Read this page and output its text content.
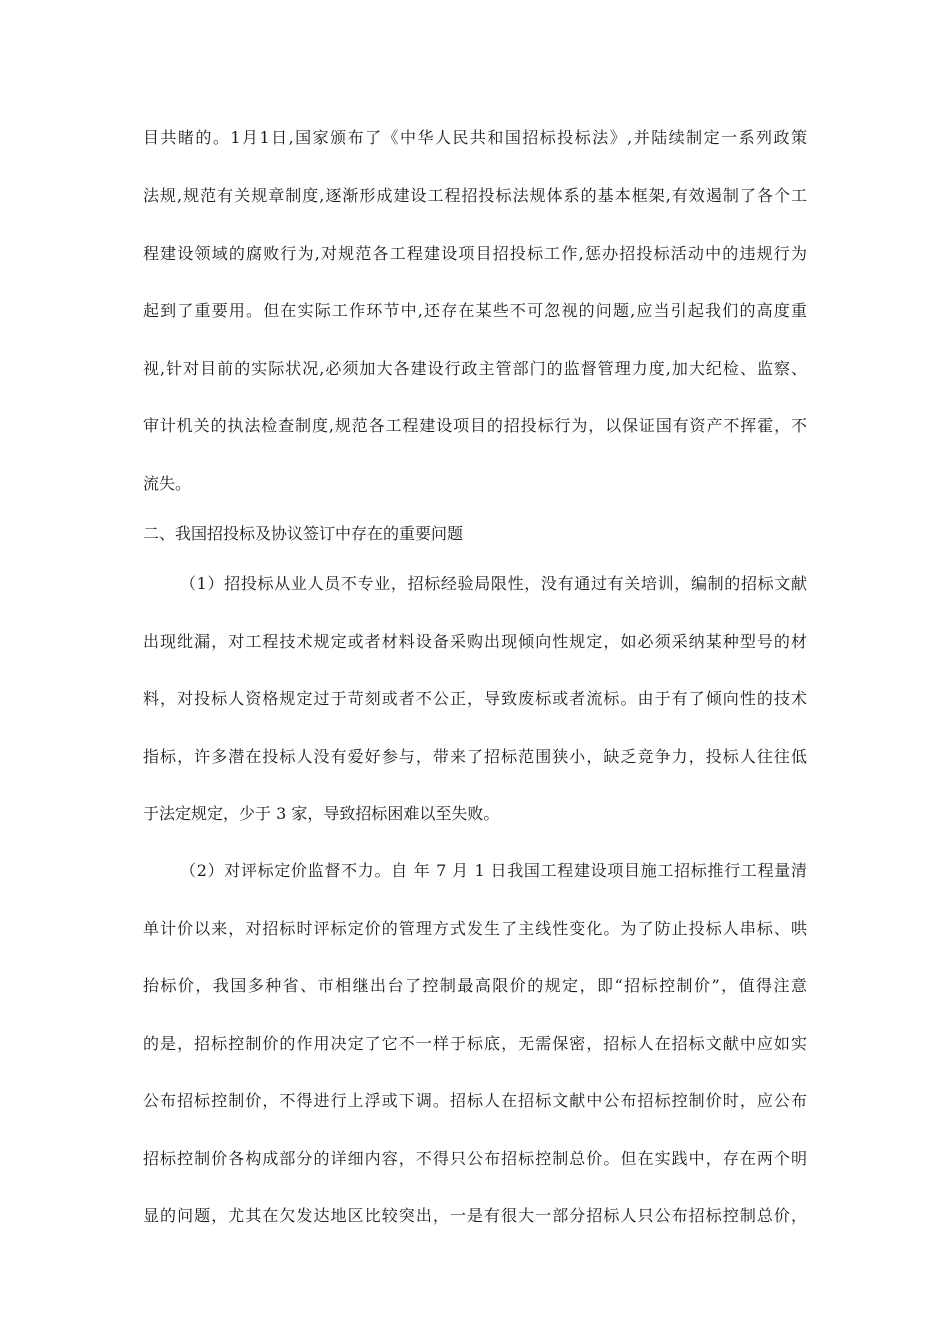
目共睹的。1月1日,国家颁布了《中华人民共和国招标投标法》,并陆续制定一系列政策
法规,规范有关规章制度,逐渐形成建设工程招投标法规体系的基本框架,有效遏制了各个工
程建设领域的腐败行为,对规范各工程建设项目招投标工作,惩办招投标活动中的违规行为
起到了重要用。但在实际工作环节中,还存在某些不可忽视的问题,应当引起我们的高度重
视,针对目前的实际状况,必须加大各建设行政主管部门的监督管理力度,加大纪检、监察、
审计机关的执法检查制度,规范各工程建设项目的招投标行为，以保证国有资产不挥霍，不
流失。
二、我国招投标及协议签订中存在的重要问题
（1）招投标从业人员不专业，招标经验局限性，没有通过有关培训，编制的招标文献
出现纰漏，对工程技术规定或者材料设备采购出现倾向性规定，如必须采纳某种型号的材
料，对投标人资格规定过于苛刻或者不公正，导致废标或者流标。由于有了倾向性的技术
指标，许多潜在投标人没有爱好参与，带来了招标范围狭小，缺乏竞争力，投标人往往低
于法定规定，少于 3 家，导致招标困难以至失败。
（2）对评标定价监督不力。自 年 7 月 1 日我国工程建设项目施工招标推行工程量清
单计价以来，对招标时评标定价的管理方式发生了主线性变化。为了防止投标人串标、哄
抬标价，我国多种省、市相继出台了控制最高限价的规定，即“招标控制价”，值得注意
的是，招标控制价的作用决定了它不一样于标底，无需保密，招标人在招标文献中应如实
公布招标控制价，不得进行上浮或下调。招标人在招标文献中公布招标控制价时，应公布
招标控制价各构成部分的详细内容，不得只公布招标控制总价。但在实践中，存在两个明
显的问题，尤其在欠发达地区比较突出，一是有很大一部分招标人只公布招标控制总价，
